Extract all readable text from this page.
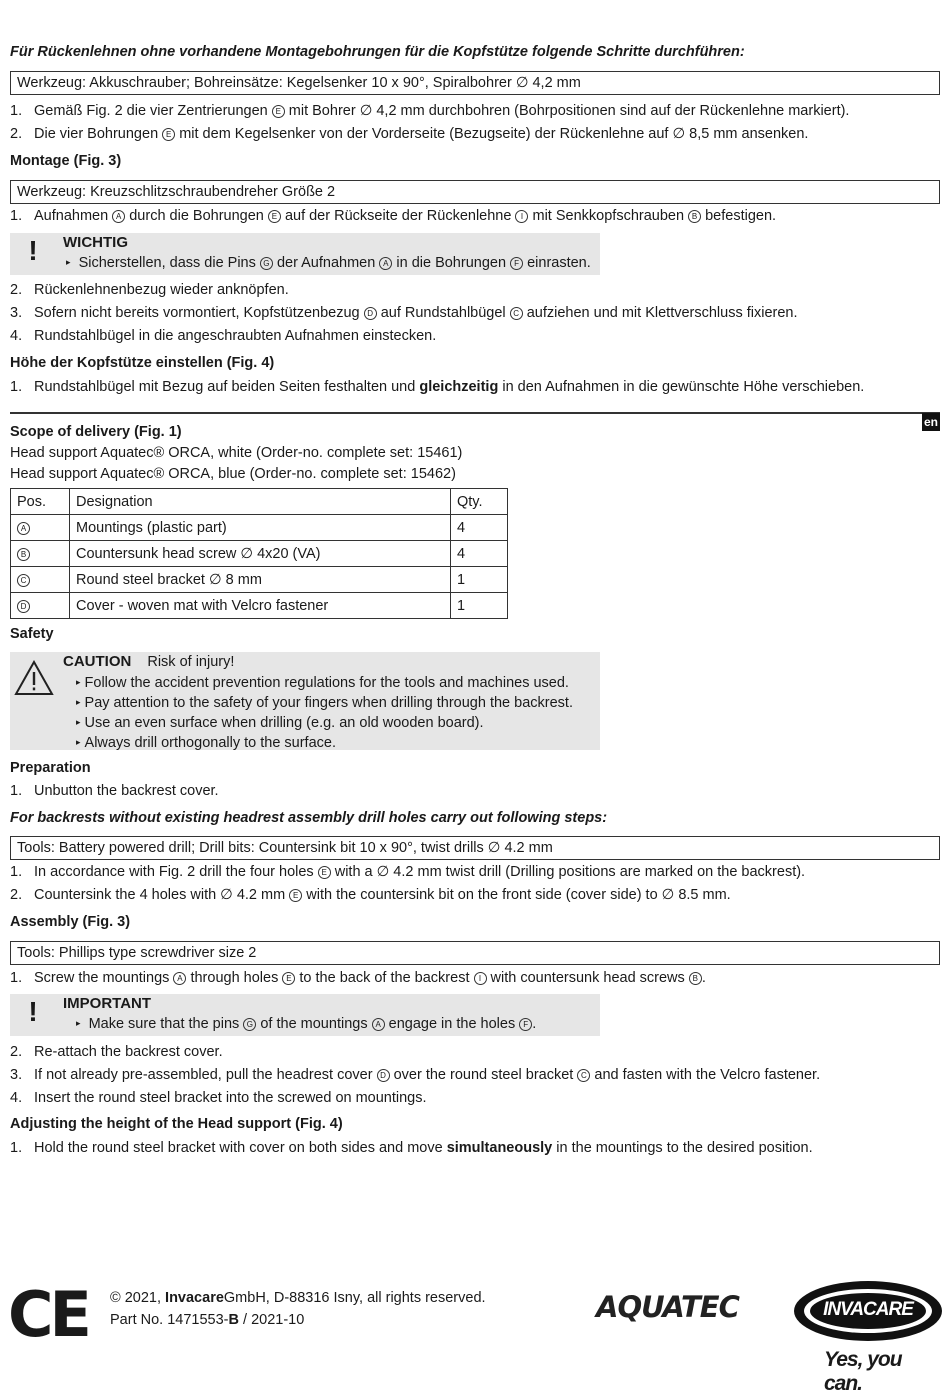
Für Rückenlehnen ohne vorhandene Montagebohrungen für die Kopfstütze folgende Schritte durchführen:

Werkzeug: Akkuschrauber; Bohreinsätze: Kegelsenker 10 x 90°, Spiralbohrer ∅ 4,2 mm
1. Gemäß Fig. 2 die vier Zentrierungen E mit Bohrer ∅ 4,2 mm durchbohren (Bohrpositionen sind auf der Rückenlehne markiert).
2. Die vier Bohrungen E mit dem Kegelsenker von der Vorderseite (Bezugseite) der Rückenlehne auf ∅ 8,5 mm ansenken.

Montage (Fig. 3)

Werkzeug: Kreuzschlitzschraubendreher Größe 2
1. Aufnahmen A durch die Bohrungen E auf der Rückseite der Rückenlehne I mit Senkkopfschrauben B befestigen.
!	WICHTIG
▸ Sicherstellen, dass die Pins G der Aufnahmen A in die Bohrungen F einrasten.
2. Rückenlehnenbezug wieder anknöpfen.
3. Sofern nicht bereits vormontiert, Kopfstützenbezug D auf Rundstahlbügel C aufziehen und mit Klettverschluss fixieren.
4. Rundstahlbügel in die angeschraubten Aufnahmen einstecken.

Höhe der Kopfstütze einstellen (Fig. 4)

1. Rundstahlbügel mit Bezug auf beiden Seiten festhalten und gleichzeitig in den Aufnahmen in die gewünschte Höhe verschieben.
en

Scope of delivery (Fig. 1)

Head support Aquatec® ORCA, white (Order-no. complete set: 15461)
Head support Aquatec® ORCA, blue (Order-no. complete set: 15462)
Pos.	Designation	Qty.
A	Mountings (plastic part)	4
B	Countersunk head screw ∅ 4x20 (VA)	4
C	Round steel bracket ∅ 8 mm	1
D	Cover - woven mat with Velcro fastener	1

Safety

CAUTION Risk of injury!
▸ Follow the accident prevention regulations for the tools and machines used.
▸ Pay attention to the safety of your fingers when drilling through the backrest.
▸ Use an even surface when drilling (e.g. an old wooden board).
▸ Always drill orthogonally to the surface.

Preparation

1. Unbutton the backrest cover.

For backrests without existing headrest assembly drill holes carry out following steps:

Tools: Battery powered drill; Drill bits: Countersink bit 10 x 90°, twist drills ∅ 4.2 mm
1. In accordance with Fig. 2 drill the four holes E with a ∅ 4.2 mm twist drill (Drilling positions are marked on the backrest).
2. Countersink the 4 holes with ∅ 4.2 mm E with the countersink bit on the front side (cover side) to ∅ 8.5 mm.

Assembly (Fig. 3)

Tools: Phillips type screwdriver size 2
1. Screw the mountings A through holes E to the back of the backrest I with countersunk head screws B .
!	IMPORTANT
▸ Make sure that the pins G of the mountings A engage in the holes F .
2. Re-attach the backrest cover.
3. If not already pre-assembled, pull the headrest cover D over the round steel bracket C and fasten with the Velcro fastener.
4. Insert the round steel bracket into the screwed on mountings.

Adjusting the height of the Head support (Fig. 4)

1. Hold the round steel bracket with cover on both sides and move simultaneously in the mountings to the desired position.
CE © 2021, InvacareGmbH, D-88316 Isny, all rights reserved.
Part No. 1471553-B / 2021-10	AQUATEC	INVACARE
Yes, you can.
